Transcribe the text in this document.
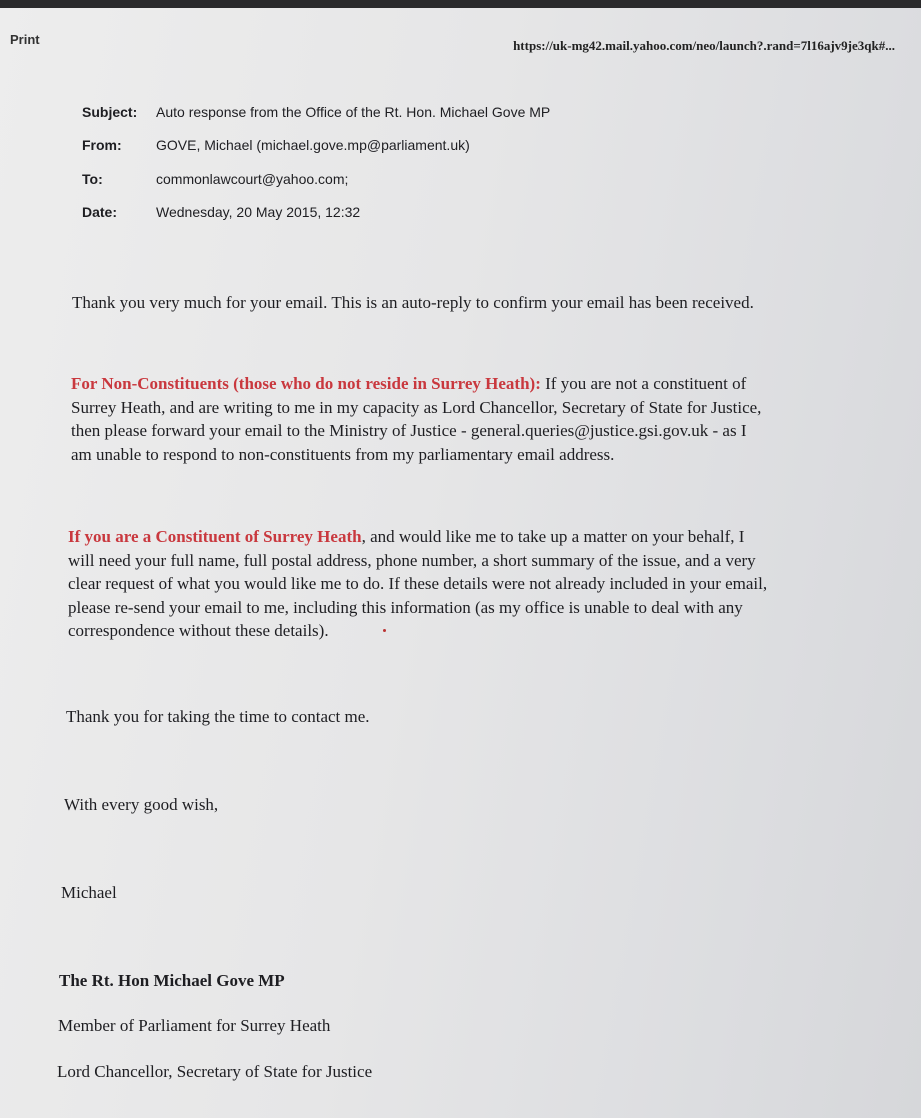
Print	https://uk-mg42.mail.yahoo.com/neo/launch?.rand=7l16ajv9je3qk#...
Subject: Auto response from the Office of the Rt. Hon. Michael Gove MP
From: GOVE, Michael (michael.gove.mp@parliament.uk)
To:	commonlawcourt@yahoo.com;
Date:	Wednesday, 20 May 2015, 12:32
Thank you very much for your email. This is an auto-reply to confirm your email has been received.
For Non-Constituents (those who do not reside in Surrey Heath): If you are not a constituent of
Surrey Heath, and are writing to me in my capacity as Lord Chancellor, Secretary of State for Justice,
then please forward your email to the Ministry of Justice - general.queries@justice.gsi.gov.uk - as I
am unable to respond to non-constituents from my parliamentary email address.
If you are a Constituent of Surrey Heath, and would like me to take up a matter on your behalf, I
will need your full name, full postal address, phone number, a short summary of the issue, and a very
clear request of what you would like me to do. If these details were not already included in your email,
please re-send your email to me, including this information (as my office is unable to deal with any
correspondence without these details).
Thank you for taking the time to contact me.
With every good wish,
Michael
The Rt. Hon Michael Gove MP
Member of Parliament for Surrey Heath
Lord Chancellor, Secretary of State for Justice
